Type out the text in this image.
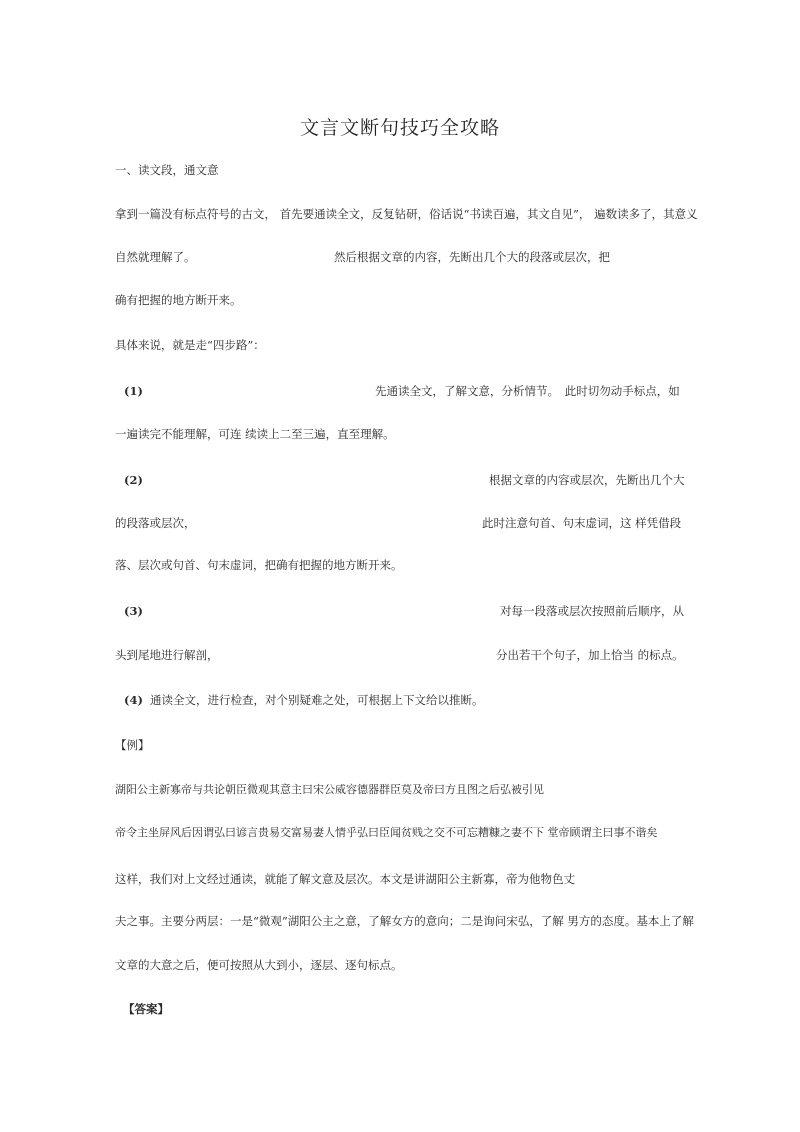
文言文断句技巧全攻略
一、读文段，通文意
拿到一篇没有标点符号的古文， 首先要通读全文，反复钻研，俗话说“书读百遍，其文自见”， 遍数读多了，其意义
自然就理解了。	然后根据文章的内容，先断出几个大的段落或层次，把
确有把握的地方断开来。
具体来说，就是走“四步路”：
(1)	先通读全文，了解文意，分析情节。　此时切勿动手标点，如
一遍读完不能理解，可连 续读上二至三遍，直至理解。
(2)	根据文章的内容或层次，先断出几个大
的段落或层次，	此时注意句首、句末虚词，这 样凭借段
落、层次或句首、句末虚词，把确有把握的地方断开来。
(3)	对每一段落或层次按照前后顺序，从
头到尾地进行解剖，	分出若干个句子，加上恰当 的标点。
(4) 通读全文，进行检查，对个别疑难之处，可根据上下文给以推断。
【例】
湖阳公主新寡帝与共论朝臣微观其意主曰宋公威容德器群臣莫及帝曰方且图之后弘被引见
帝令主坐屏风后因谓弘曰谚言贵易交富易妻人情乎弘曰臣闻贫贱之交不可忘糟糠之妻不下 堂帝顾谓主曰事不谐矣
这样，我们对上文经过通读，就能了解文意及层次。本文是讲湖阳公主新寡，帝为他物色丈
夫之事。主要分两层：一是“微观”湖阳公主之意，了解女方的意向；二是询问宋弘，了解 男方的态度。基本上了解
文章的大意之后，便可按照从大到小，逐层、逐句标点。
【答案】
